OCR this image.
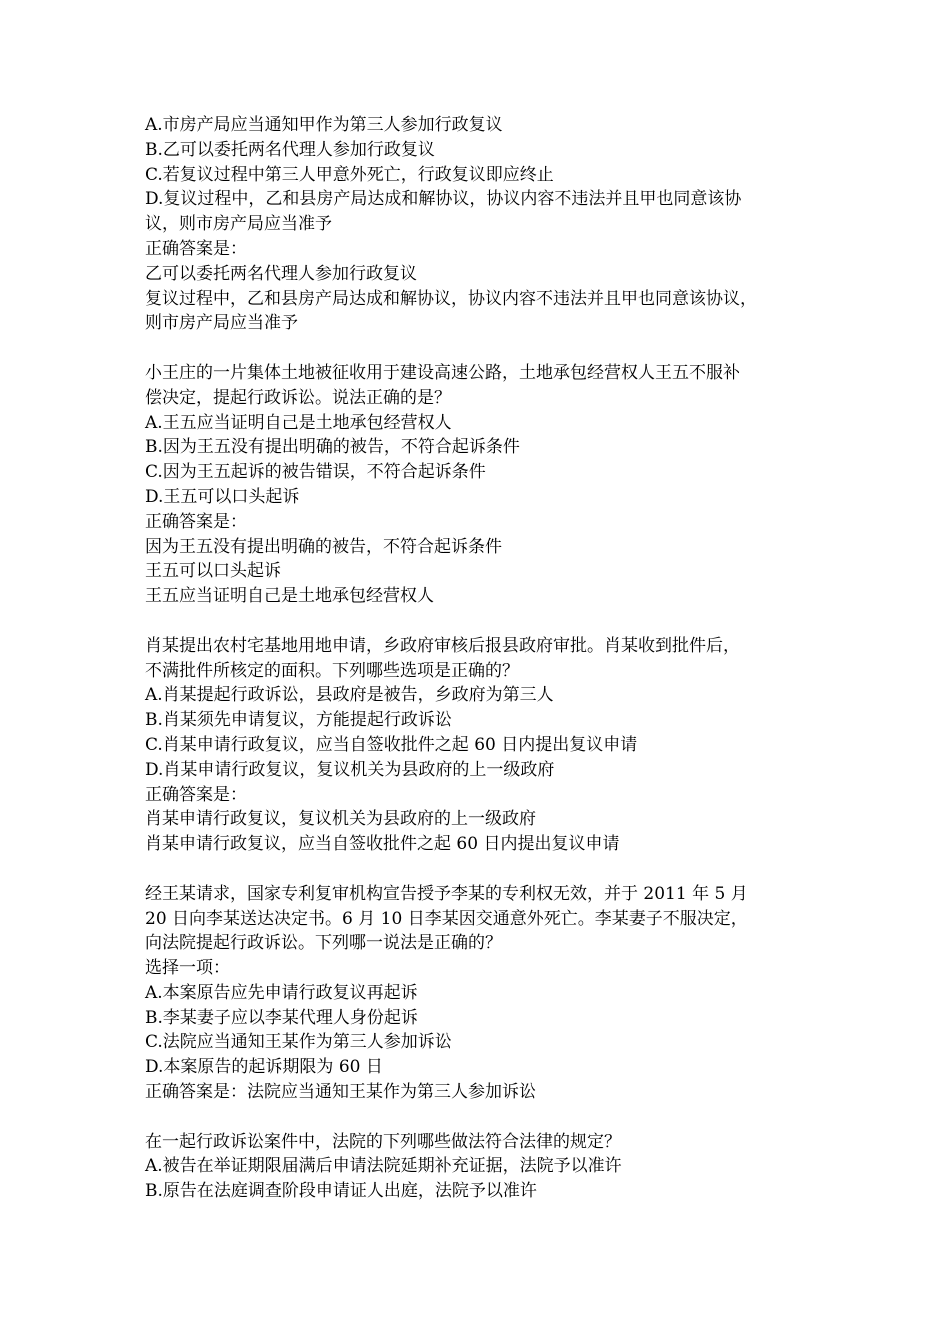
A.市房产局应当通知甲作为第三人参加行政复议
B.乙可以委托两名代理人参加行政复议
C.若复议过程中第三人甲意外死亡，行政复议即应终止
D.复议过程中，乙和县房产局达成和解协议，协议内容不违法并且甲也同意该协
议，则市房产局应当准予
正确答案是：
乙可以委托两名代理人参加行政复议
复议过程中，乙和县房产局达成和解协议，协议内容不违法并且甲也同意该协议，
则市房产局应当准予
小王庄的一片集体土地被征收用于建设高速公路，土地承包经营权人王五不服补
偿决定，提起行政诉讼。说法正确的是？
A.王五应当证明自己是土地承包经营权人
B.因为王五没有提出明确的被告，不符合起诉条件
C.因为王五起诉的被告错误，不符合起诉条件
D.王五可以口头起诉
正确答案是：
因为王五没有提出明确的被告，不符合起诉条件
王五可以口头起诉
王五应当证明自己是土地承包经营权人
肖某提出农村宅基地用地申请，乡政府审核后报县政府审批。肖某收到批件后，
不满批件所核定的面积。下列哪些选项是正确的？
A.肖某提起行政诉讼，县政府是被告，乡政府为第三人
B.肖某须先申请复议，方能提起行政诉讼
C.肖某申请行政复议，应当自签收批件之起 60 日内提出复议申请
D.肖某申请行政复议，复议机关为县政府的上一级政府
正确答案是：
肖某申请行政复议，复议机关为县政府的上一级政府
肖某申请行政复议，应当自签收批件之起 60 日内提出复议申请
经王某请求，国家专利复审机构宣告授予李某的专利权无效，并于 2011 年 5 月
20 日向李某送达决定书。6 月 10 日李某因交通意外死亡。李某妻子不服决定，
向法院提起行政诉讼。下列哪一说法是正确的？
选择一项：
A.本案原告应先申请行政复议再起诉
B.李某妻子应以李某代理人身份起诉
C.法院应当通知王某作为第三人参加诉讼
D.本案原告的起诉期限为 60 日
正确答案是：法院应当通知王某作为第三人参加诉讼
在一起行政诉讼案件中，法院的下列哪些做法符合法律的规定？
A.被告在举证期限届满后申请法院延期补充证据，法院予以准许
B.原告在法庭调查阶段申请证人出庭，法院予以准许
